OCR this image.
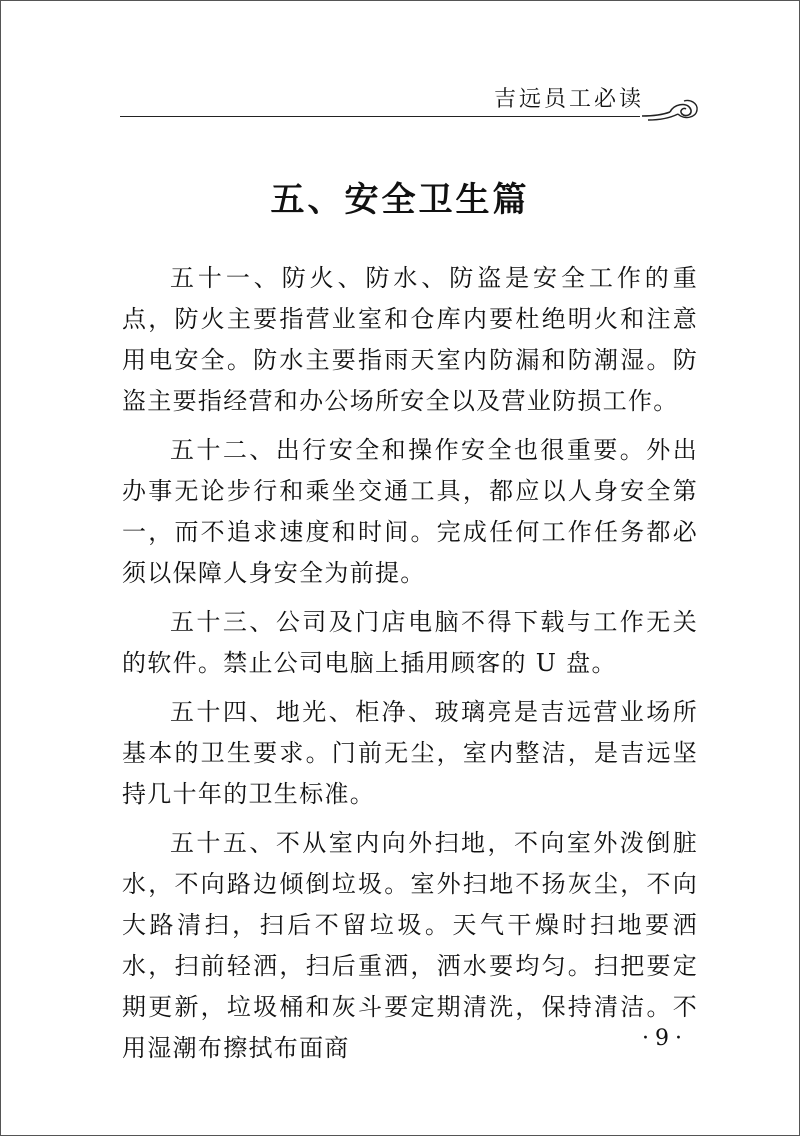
吉远员工必读
五、安全卫生篇

五十一、防火、防水、防盗是安全工作的重点，防火主要指营业室和仓库内要杜绝明火和注意用电安全。防水主要指雨天室内防漏和防潮湿。防盗主要指经营和办公场所安全以及营业防损工作。

五十二、出行安全和操作安全也很重要。外出办事无论步行和乘坐交通工具，都应以人身安全第一，而不追求速度和时间。完成任何工作任务都必须以保障人身安全为前提。

五十三、公司及门店电脑不得下载与工作无关的软件。禁止公司电脑上插用顾客的 U 盘。

五十四、地光、柜净、玻璃亮是吉远营业场所基本的卫生要求。门前无尘，室内整洁，是吉远坚持几十年的卫生标准。

五十五、不从室内向外扫地，不向室外泼倒脏水，不向路边倾倒垃圾。室外扫地不扬灰尘，不向大路清扫，扫后不留垃圾。天气干燥时扫地要洒水，扫前轻洒，扫后重洒，洒水要均匀。扫把要定期更新，垃圾桶和灰斗要定期清洗，保持清洁。不用湿潮布擦拭布面商	·9·
